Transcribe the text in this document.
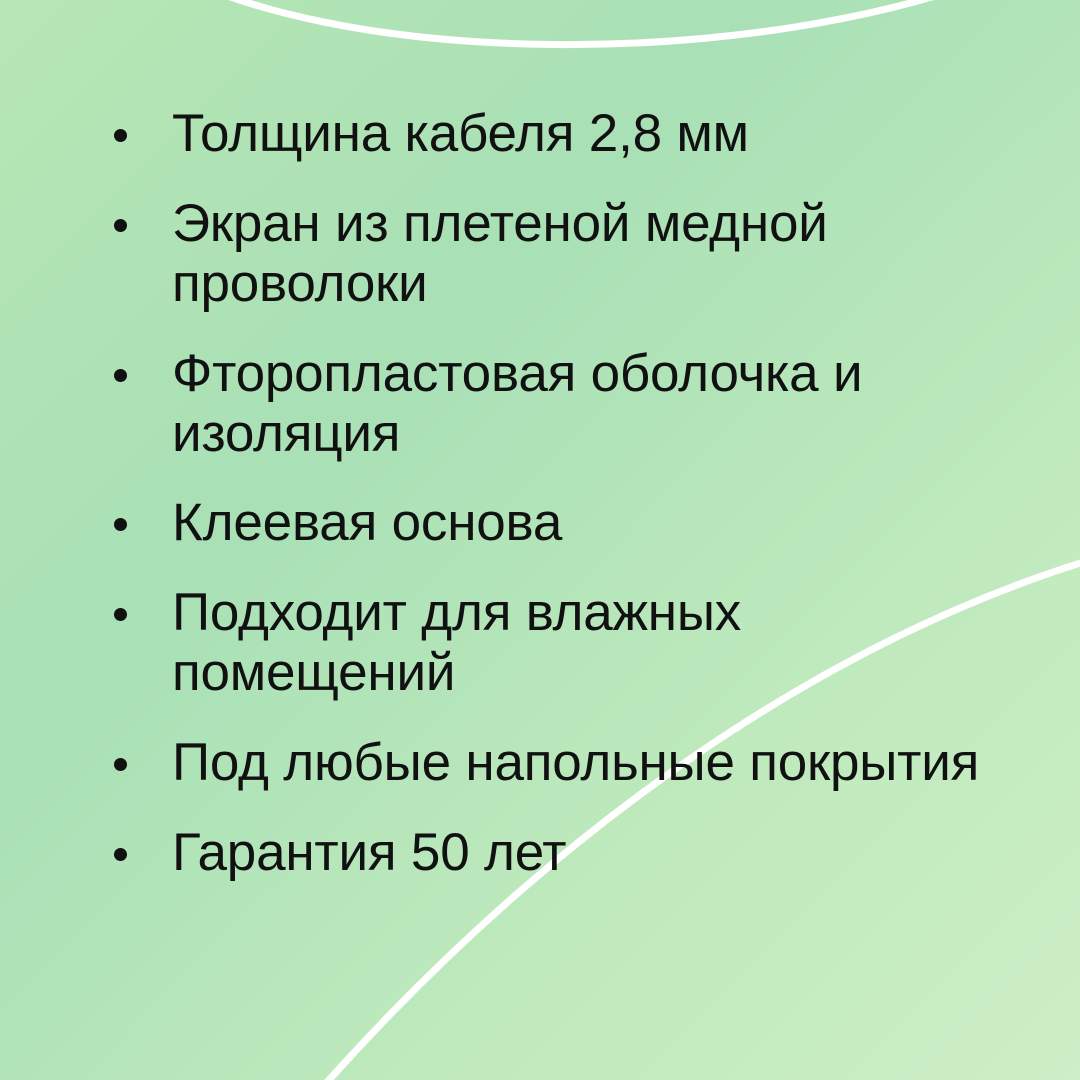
Толщина кабеля 2,8 мм
Экран из плетеной медной проволоки
Фторопластовая оболочка и изоляция
Клеевая основа
Подходит для влажных помещений
Под любые напольные покрытия
Гарантия 50 лет
